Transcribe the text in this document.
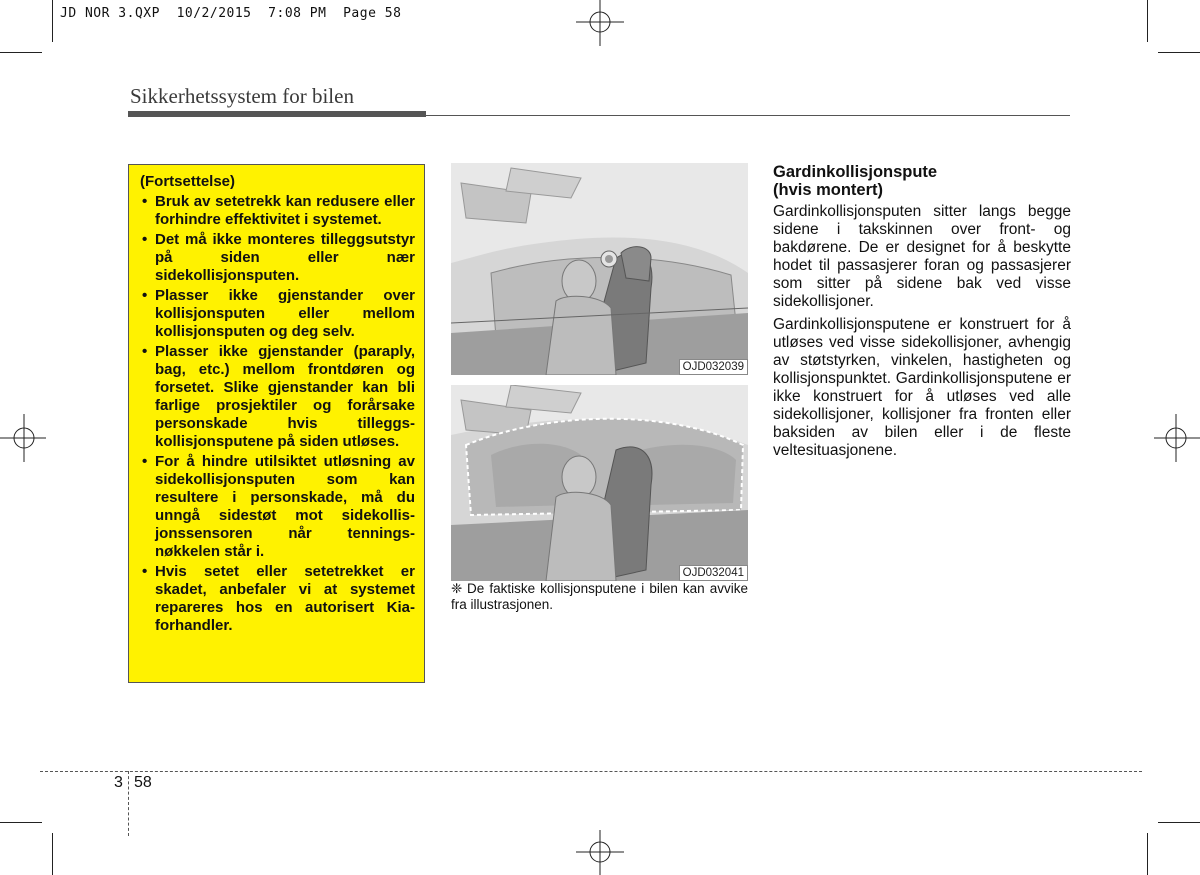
JD NOR 3.QXP  10/2/2015  7:08 PM  Page 58
Sikkerhetssystem for bilen
(Fortsettelse)
• Bruk av setetrekk kan redusere eller forhindre effektivitet i systemet.
• Det må ikke monteres tilleggsutstyr på siden eller nær sidekollisjonsputen.
• Plasser ikke gjenstander over kollisjonsputen eller mellom kollisjonsputen og deg selv.
• Plasser ikke gjenstander (paraply, bag, etc.) mellom frontdøren og forsetet. Slike gjenstander kan bli farlige prosjektiler og forårsake personskade hvis tilleggs-kollisjonsputene på siden utløses.
• For å hindre utilsiktet utløsning av sidekollisjonsputen som kan resultere i personskade, må du unngå sidestøt mot sidekollis-jonssensoren når tennings-nøkkelen står i.
• Hvis setet eller setetrekket er skadet, anbefaler vi at systemet repareres hos en autorisert Kia-forhandler.
OJD032039
OJD032041
❈ De faktiske kollisjonsputene i bilen kan avvike fra illustrasjonen.
Gardinkollisjonspute
(hvis montert)

Gardinkollisjonsputen sitter langs begge sidene i takskinnen over front- og bakdørene. De er designet for å beskytte hodet til passasjerer foran og passasjerer som sitter på sidene bak ved visse sidekollisjoner.

Gardinkollisjonsputene er konstruert for å utløses ved visse sidekollisjoner, avhengig av støtstyrken, vinkelen, hastigheten og kollisjonspunktet. Gardinkollisjonsputene er ikke konstruert for å utløses ved alle sidekollisjoner, kollisjoner fra fronten eller baksiden av bilen eller i de fleste veltesituasjonene.

3 58
